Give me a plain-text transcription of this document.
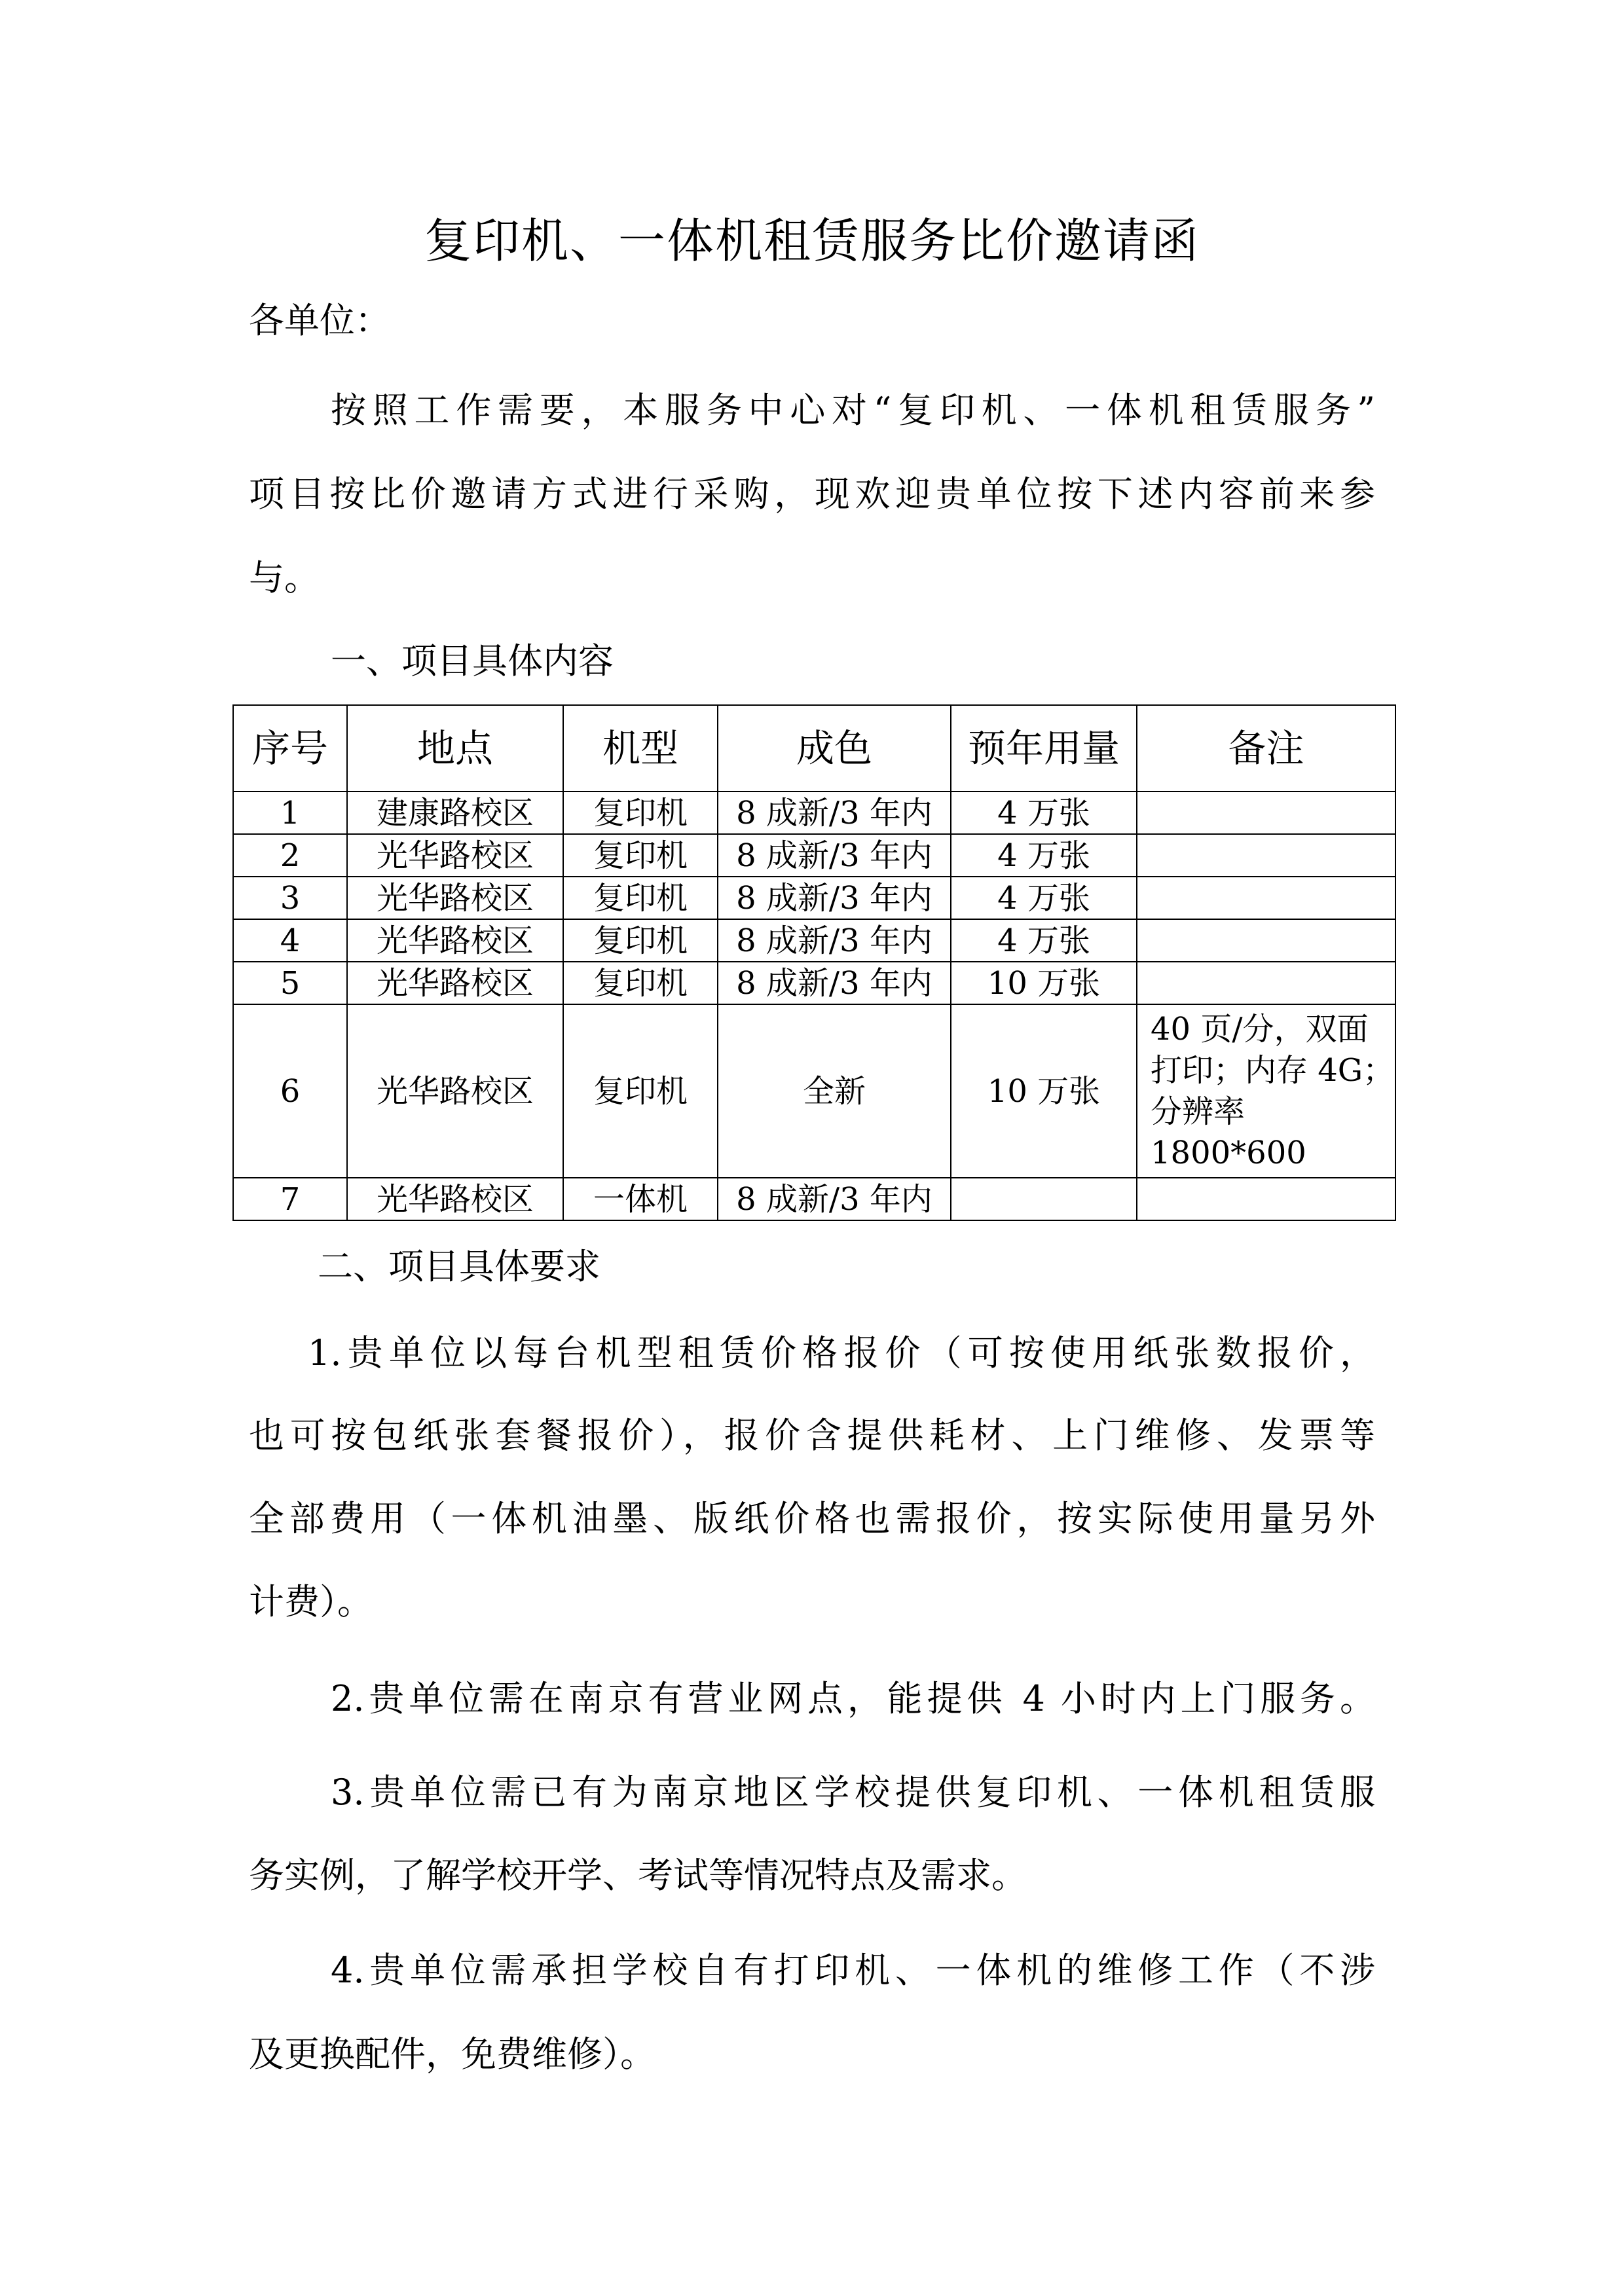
复印机、一体机租赁服务比价邀请函

各单位：

按照工作需要，本服务中心对“复印机、一体机租赁服务”

项目按比价邀请方式进行采购，现欢迎贵单位按下述内容前来参

与。

一、项目具体内容

序号	地点	机型	成色	预年用量	备注
1	建康路校区	复印机	8 成新/3 年内	4 万张	
2	光华路校区	复印机	8 成新/3 年内	4 万张	
3	光华路校区	复印机	8 成新/3 年内	4 万张	
4	光华路校区	复印机	8 成新/3 年内	4 万张	
5	光华路校区	复印机	8 成新/3 年内	10 万张	
6	光华路校区	复印机	全新	10 万张	40 页/分，双面
打印；内存 4G；
分辨率
1800*600

7	光华路校区	一体机	8 成新/3 年内		

二、项目具体要求

1.贵单位以每台机型租赁价格报价（可按使用纸张数报价，

也可按包纸张套餐报价），报价含提供耗材、上门维修、发票等

全部费用（一体机油墨、版纸价格也需报价，按实际使用量另外

计费）。

2.贵单位需在南京有营业网点，能提供 4 小时内上门服务。

3.贵单位需已有为南京地区学校提供复印机、一体机租赁服

务实例，了解学校开学、考试等情况特点及需求。

4.贵单位需承担学校自有打印机、一体机的维修工作（不涉

及更换配件，免费维修）。
